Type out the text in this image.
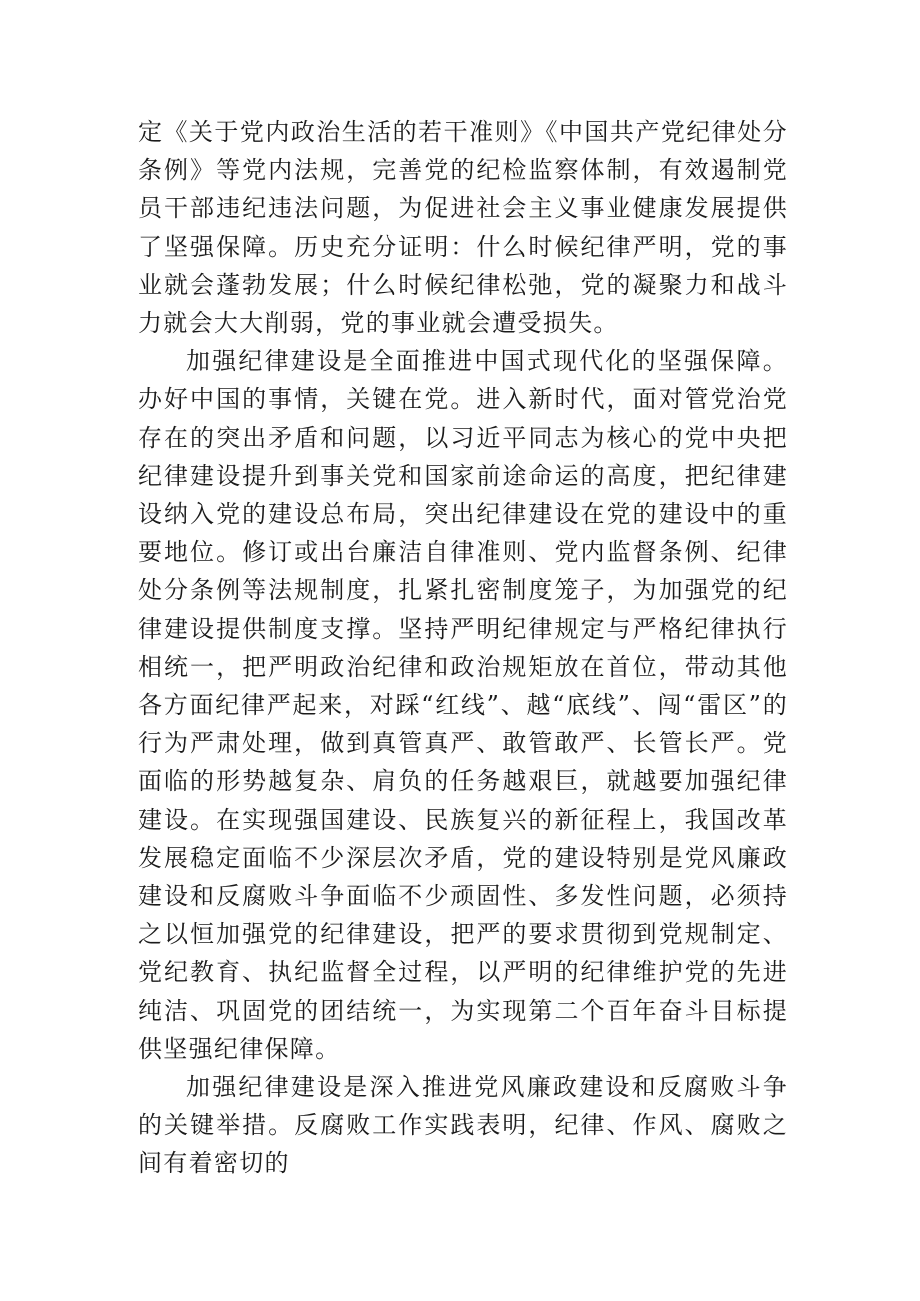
定《关于党内政治生活的若干准则》《中国共产党纪律处分条例》等党内法规，完善党的纪检监察体制，有效遏制党员干部违纪违法问题，为促进社会主义事业健康发展提供了坚强保障。历史充分证明：什么时候纪律严明，党的事业就会蓬勃发展；什么时候纪律松弛，党的凝聚力和战斗力就会大大削弱，党的事业就会遭受损失。

加强纪律建设是全面推进中国式现代化的坚强保障。办好中国的事情，关键在党。进入新时代，面对管党治党存在的突出矛盾和问题，以习近平同志为核心的党中央把纪律建设提升到事关党和国家前途命运的高度，把纪律建设纳入党的建设总布局，突出纪律建设在党的建设中的重要地位。修订或出台廉洁自律准则、党内监督条例、纪律处分条例等法规制度，扎紧扎密制度笼子，为加强党的纪律建设提供制度支撑。坚持严明纪律规定与严格纪律执行相统一，把严明政治纪律和政治规矩放在首位，带动其他各方面纪律严起来，对踩“红线”、越“底线”、闯“雷区”的行为严肃处理，做到真管真严、敢管敢严、长管长严。党面临的形势越复杂、肩负的任务越艰巨，就越要加强纪律建设。在实现强国建设、民族复兴的新征程上，我国改革发展稳定面临不少深层次矛盾，党的建设特别是党风廉政建设和反腐败斗争面临不少顽固性、多发性问题，必须持之以恒加强党的纪律建设，把严的要求贯彻到党规制定、党纪教育、执纪监督全过程，以严明的纪律维护党的先进纯洁、巩固党的团结统一，为实现第二个百年奋斗目标提供坚强纪律保障。

加强纪律建设是深入推进党风廉政建设和反腐败斗争的关键举措。反腐败工作实践表明，纪律、作风、腐败之间有着密切的
